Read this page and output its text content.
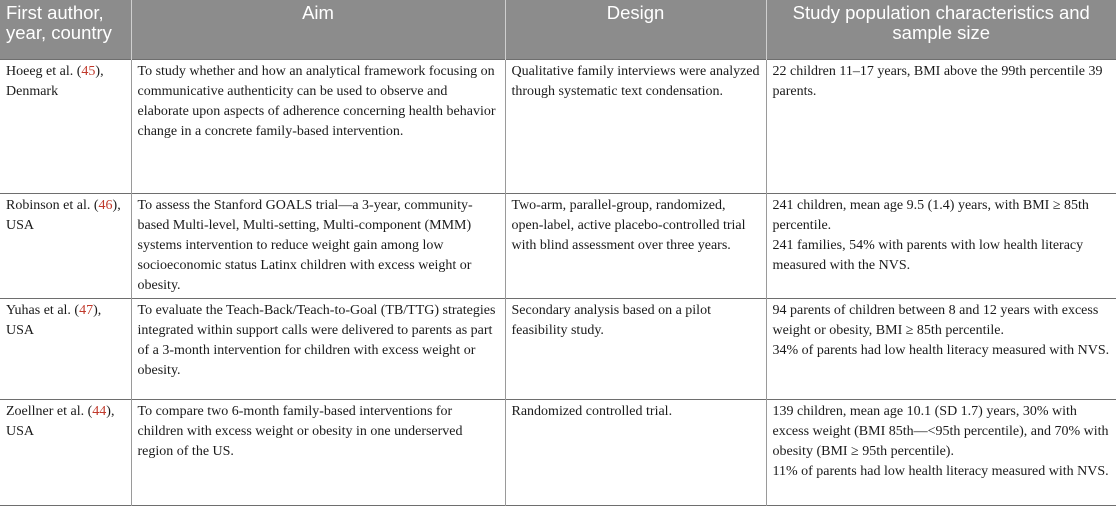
First author, year, country	Aim	Design	Study population characteristics and sample size
Hoeeg et al. (45), Denmark	To study whether and how an analytical framework focusing on communicative authenticity can be used to observe and elaborate upon aspects of adherence concerning health behavior change in a concrete family-based intervention.	Qualitative family interviews were analyzed through systematic text condensation.	22 children 11–17 years, BMI above the 99th percentile 39 parents.

Robinson et al. (46), USA	To assess the Stanford GOALS trial—a 3-year, community-based Multi-level, Multi-setting, Multi-component (MMM) systems intervention to reduce weight gain among low socioeconomic status Latinx children with excess weight or obesity.	Two-arm, parallel-group, randomized, open-label, active placebo-controlled trial with blind assessment over three years.	241 children, mean age 9.5 (1.4) years, with BMI ≥ 85th percentile.
241 families, 54% with parents with low health literacy measured with the NVS.

Yuhas et al. (47), USA	To evaluate the Teach-Back/Teach-to-Goal (TB/TTG) strategies integrated within support calls were delivered to parents as part of a 3-month intervention for children with excess weight or obesity.	Secondary analysis based on a pilot feasibility study.	94 parents of children between 8 and 12 years with excess weight or obesity, BMI ≥ 85th percentile.
34% of parents had low health literacy measured with NVS.

Zoellner et al. (44), USA	To compare two 6-month family-based interventions for children with excess weight or obesity in one underserved region of the US.	Randomized controlled trial.	139 children, mean age 10.1 (SD 1.7) years, 30% with excess weight (BMI 85th—<95th percentile), and 70% with obesity (BMI ≥ 95th percentile).
11% of parents had low health literacy measured with NVS.
